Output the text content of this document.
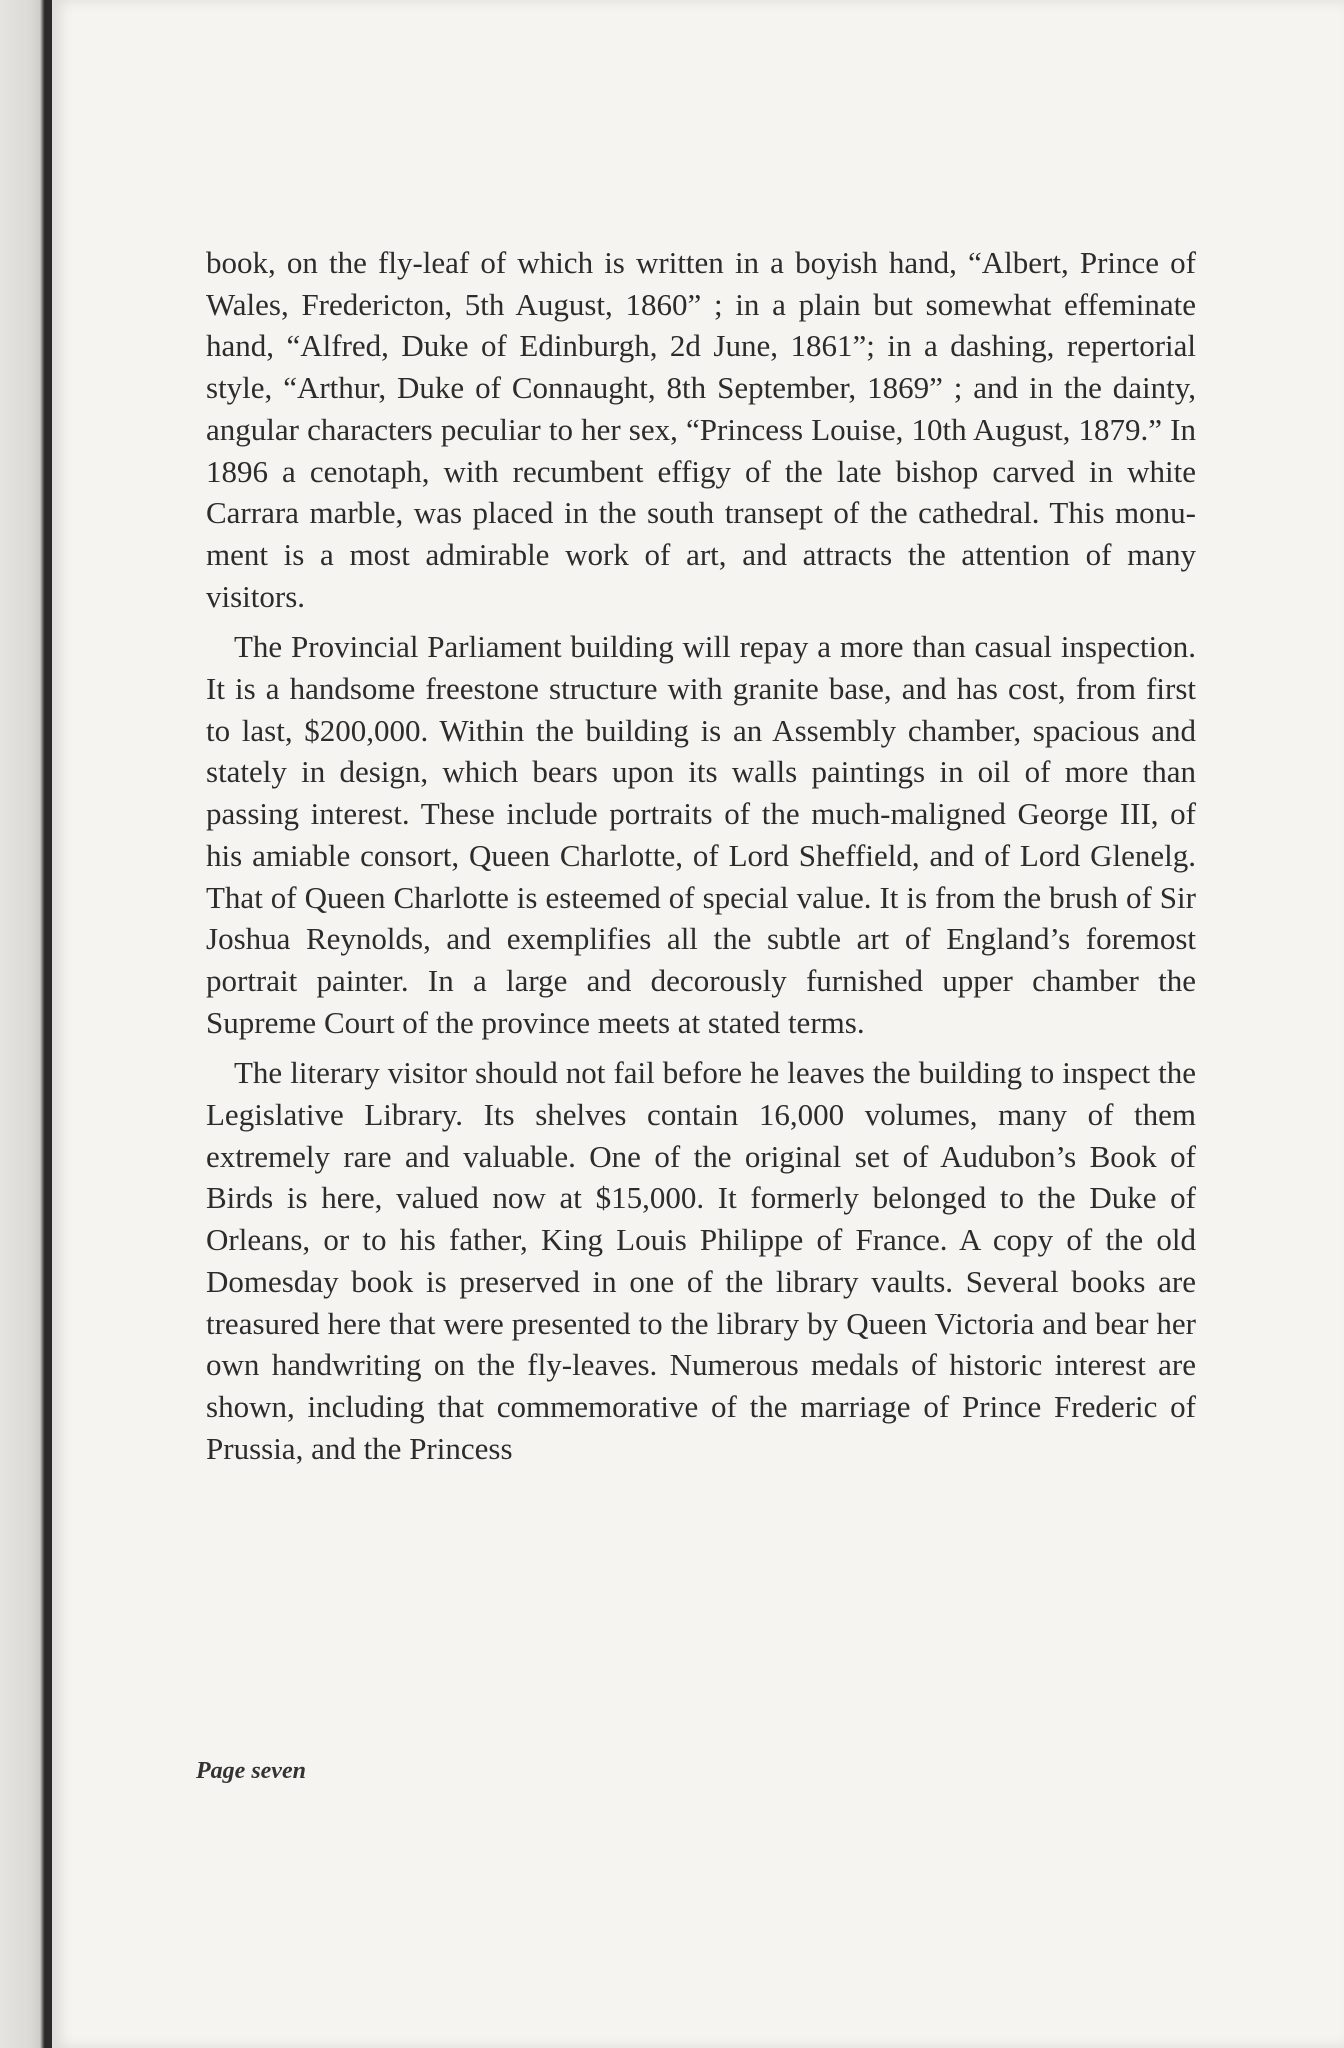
book, on the fly-leaf of which is written in a boyish hand, “Albert, Prince of Wales, Fredericton, 5th August, 1860” ; in a plain but somewhat effeminate hand, “Alfred, Duke of Edinburgh, 2d June, 1861”; in a dashing, repertorial style, “Arthur, Duke of Connaught, 8th September, 1869” ; and in the dainty, angular characters peculiar to her sex, “Princess Louise, 10th August, 1879.” In 1896 a cenotaph, with recumbent effigy of the late bishop carved in white Carrara marble, was placed in the south transept of the cathedral. This monument is a most admirable work of art, and attracts the attention of many visitors.

The Provincial Parliament building will repay a more than casual inspection. It is a handsome freestone structure with granite base, and has cost, from first to last, $200,000. Within the building is an Assembly chamber, spacious and stately in design, which bears upon its walls paintings in oil of more than passing interest. These include portraits of the much-maligned George III, of his amiable consort, Queen Charlotte, of Lord Sheffield, and of Lord Glenelg. That of Queen Charlotte is esteemed of special value. It is from the brush of Sir Joshua Reynolds, and exemplifies all the subtle art of England’s foremost portrait painter. In a large and decorously furnished upper chamber the Supreme Court of the province meets at stated terms.

The literary visitor should not fail before he leaves the building to inspect the Legislative Library. Its shelves contain 16,000 volumes, many of them extremely rare and valuable. One of the original set of Audubon’s Book of Birds is here, valued now at $15,000. It formerly belonged to the Duke of Orleans, or to his father, King Louis Philippe of France. A copy of the old Domesday book is preserved in one of the library vaults. Several books are treasured here that were presented to the library by Queen Victoria and bear her own handwriting on the fly-leaves. Numerous medals of historic interest are shown, including that commemorative of the marriage of Prince Frederic of Prussia, and the Princess

Page seven
